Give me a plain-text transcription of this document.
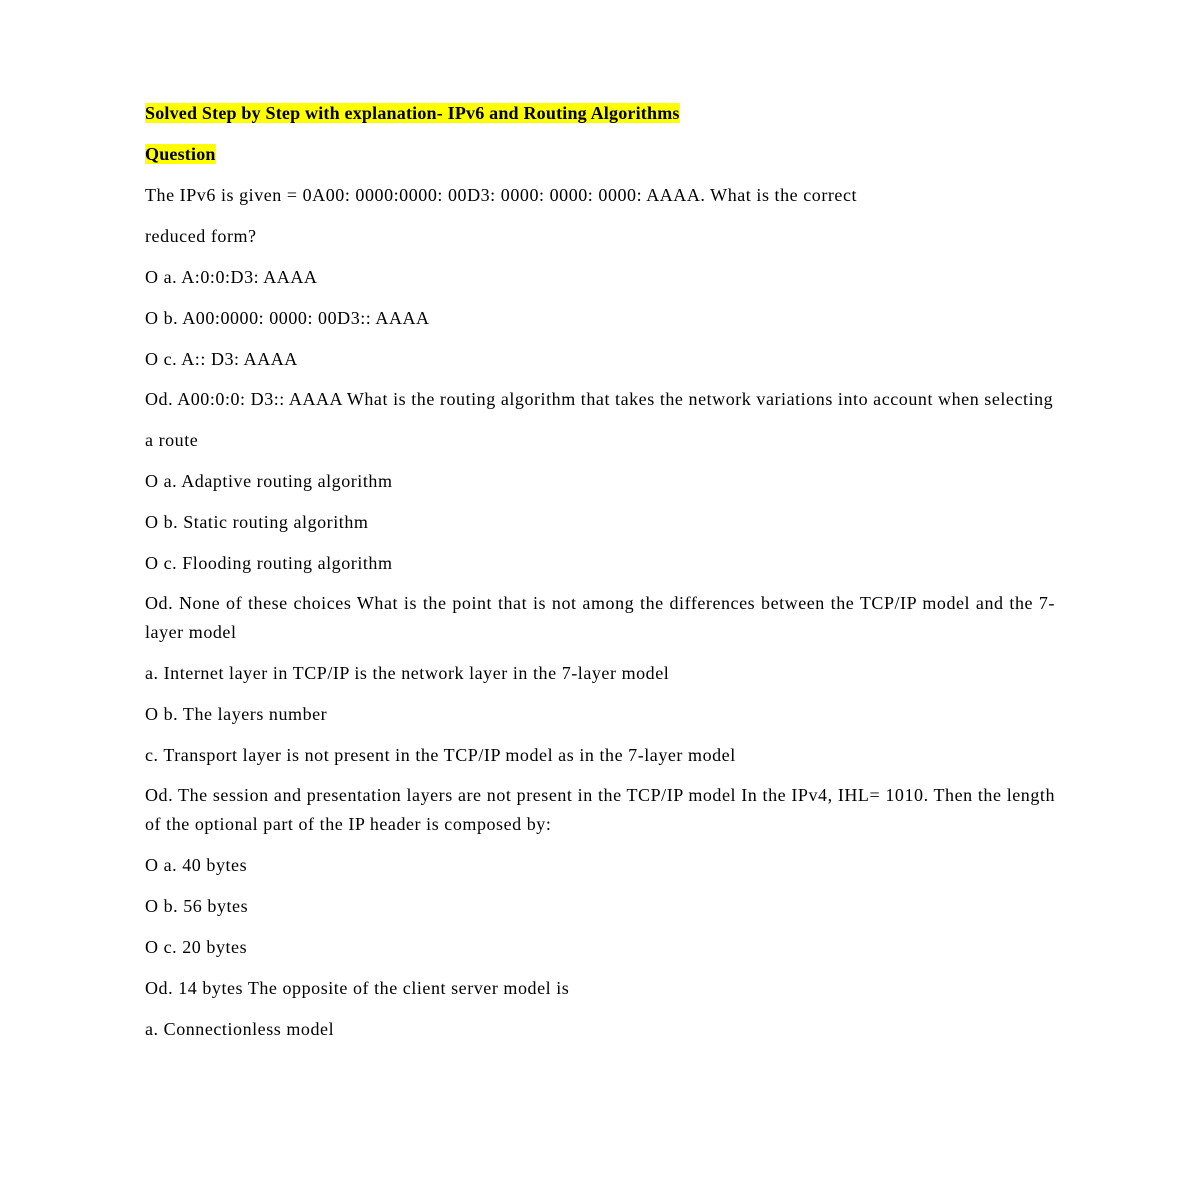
Solved Step by Step with explanation- IPv6 and Routing Algorithms

Question

The IPv6 is given = 0A00: 0000:0000: 00D3: 0000: 0000: 0000: AAAA. What is the correct

reduced form?

O a. A:0:0:D3: AAAA

O b. A00:0000: 0000: 00D3:: AAAA

O c. A:: D3: AAAA

Od. A00:0:0: D3:: AAAA What is the routing algorithm that takes the network variations into account when selecting

a route

O a. Adaptive routing algorithm

O b. Static routing algorithm

O c. Flooding routing algorithm

Od. None of these choices What is the point that is not among the differences between the TCP/IP model and the 7- layer model

a. Internet layer in TCP/IP is the network layer in the 7-layer model

O b. The layers number

c. Transport layer is not present in the TCP/IP model as in the 7-layer model

Od. The session and presentation layers are not present in the TCP/IP model In the IPv4, IHL= 1010. Then the length of the optional part of the IP header is composed by:

O a. 40 bytes

O b. 56 bytes

O c. 20 bytes

Od. 14 bytes The opposite of the client server model is

a. Connectionless model
